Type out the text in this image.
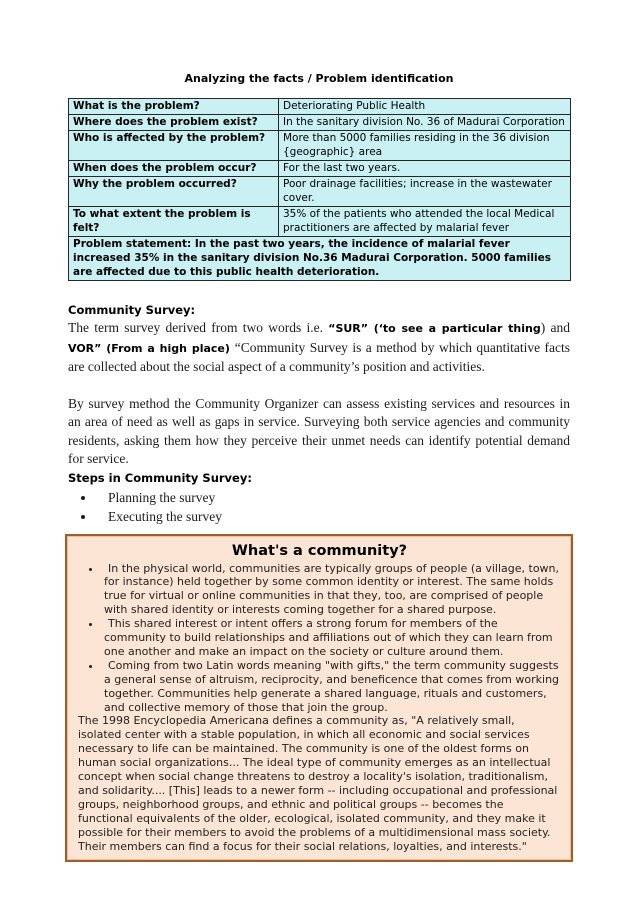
Analyzing the facts / Problem identification
What is the problem?	Deteriorating Public Health
Where does the problem exist?	In the sanitary division No. 36 of Madurai Corporation
Who is affected by the problem?	More than 5000 families residing in the 36 division {geographic} area
When does the problem occur?	For the last two years.
Why the problem occurred?	Poor drainage facilities; increase in the wastewater cover.
To what extent the problem is felt?	35% of the patients who attended the local Medical practitioners are affected by malarial fever
Problem statement: In the past two years, the incidence of malarial fever increased 35% in the sanitary division No.36 Madurai Corporation. 5000 families are affected due to this public health deterioration.	
Community Survey:

The term survey derived from two words i.e. “SUR” (‘to see a particular thing) and VOR” (From a high place) “Community Survey is a method by which quantitative facts are collected about the social aspect of a community’s position and activities.

By survey method the Community Organizer can assess existing services and resources in an area of need as well as gaps in service. Surveying both service agencies and community residents, asking them how they perceive their unmet needs can identify potential demand for service.

Steps in Community Survey:
• Planning the survey
• Executing the survey
What's a community?
• In the physical world, communities are typically groups of people (a village, town, for instance) held together by some common identity or interest. The same holds true for virtual or online communities in that they, too, are comprised of people with shared identity or interests coming together for a shared purpose.
• This shared interest or intent offers a strong forum for members of the community to build relationships and affiliations out of which they can learn from one another and make an impact on the society or culture around them.
• Coming from two Latin words meaning "with gifts," the term community suggests a general sense of altruism, reciprocity, and beneficence that comes from working together. Communities help generate a shared language, rituals and customers, and collective memory of those that join the group.
The 1998 Encyclopedia Americana defines a community as, "A relatively small, isolated center with a stable population, in which all economic and social services necessary to life can be maintained. The community is one of the oldest forms on human social organizations... The ideal type of community emerges as an intellectual concept when social change threatens to destroy a locality's isolation, traditionalism, and solidarity.... [This] leads to a newer form -- including occupational and professional groups, neighborhood groups, and ethnic and political groups -- becomes the functional equivalents of the older, ecological, isolated community, and they make it possible for their members to avoid the problems of a multidimensional mass society. Their members can find a focus for their social relations, loyalties, and interests."
